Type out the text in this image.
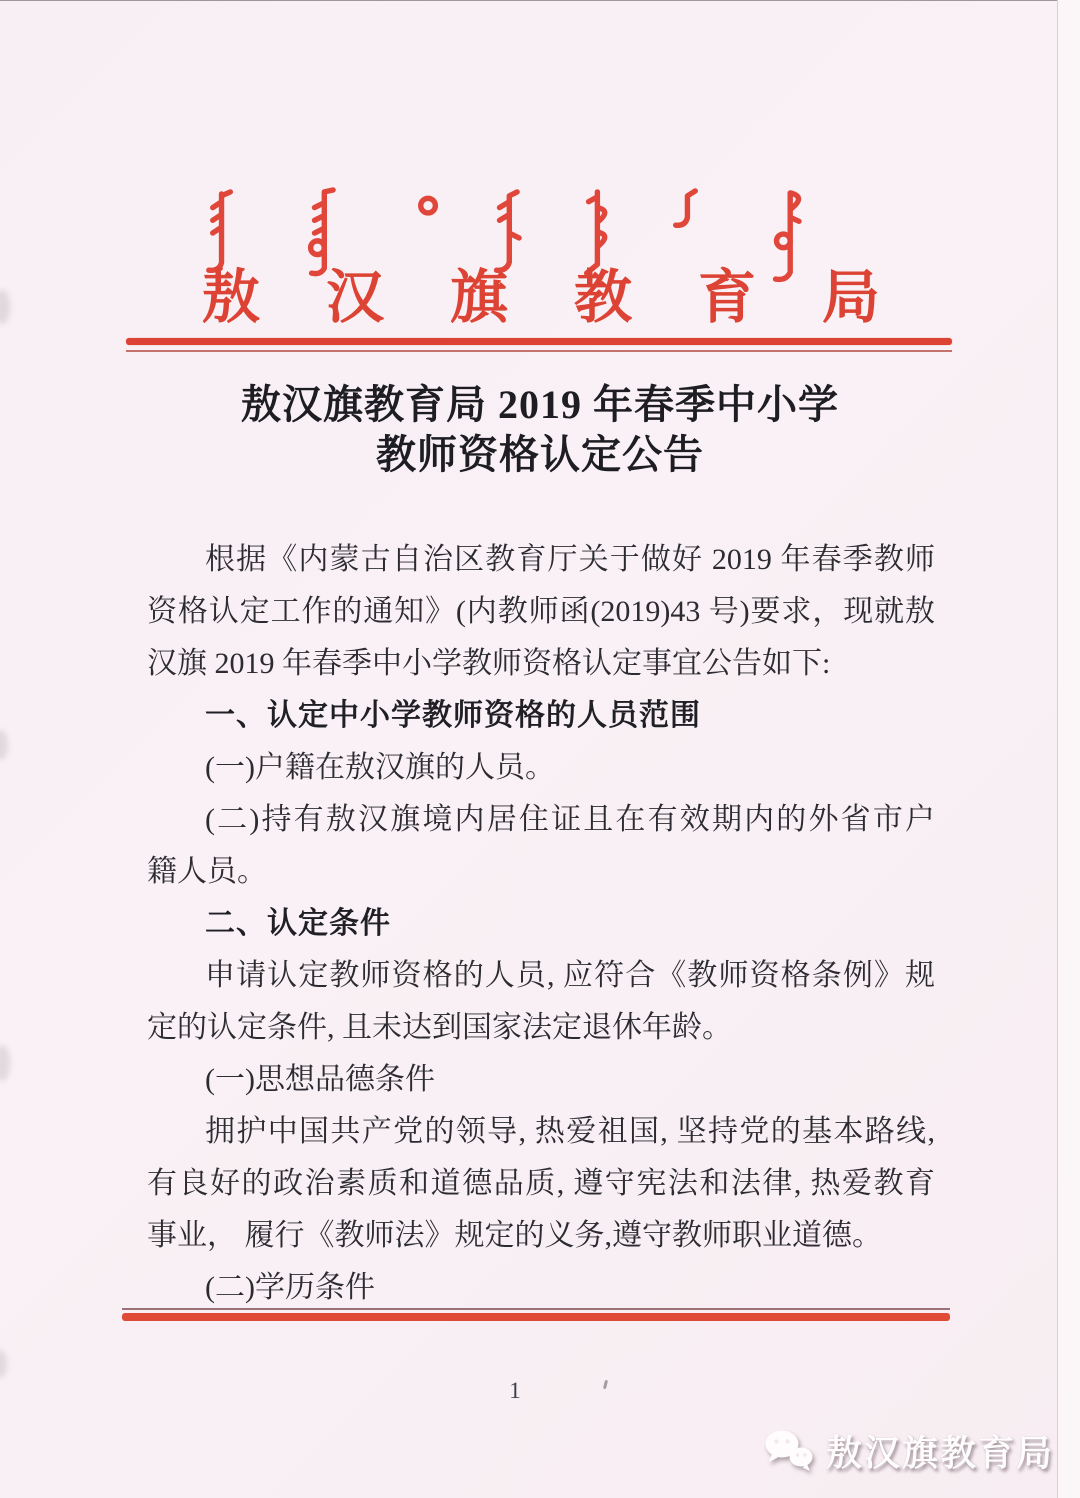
敖 汉 旗 教 育 局
敖汉旗教育局 2019 年春季中小学
教师资格认定公告
根据《内蒙古自治区教育厅关于做好 2019 年春季教师
资格认定工作的通知》(内教师函(2019)43 号)要求，现就敖
汉旗 2019 年春季中小学教师资格认定事宜公告如下:
一、认定中小学教师资格的人员范围
(一)户籍在敖汉旗的人员。
(二)持有敖汉旗境内居住证且在有效期内的外省市户
籍人员。
二、认定条件
申请认定教师资格的人员, 应符合《教师资格条例》规
定的认定条件, 且未达到国家法定退休年龄。
(一)思想品德条件
拥护中国共产党的领导, 热爱祖国, 坚持党的基本路线,
有良好的政治素质和道德品质, 遵守宪法和法律, 热爱教育
事业， 履行《教师法》规定的义务,遵守教师职业道德。
(二)学历条件
1
敖汉旗教育局
